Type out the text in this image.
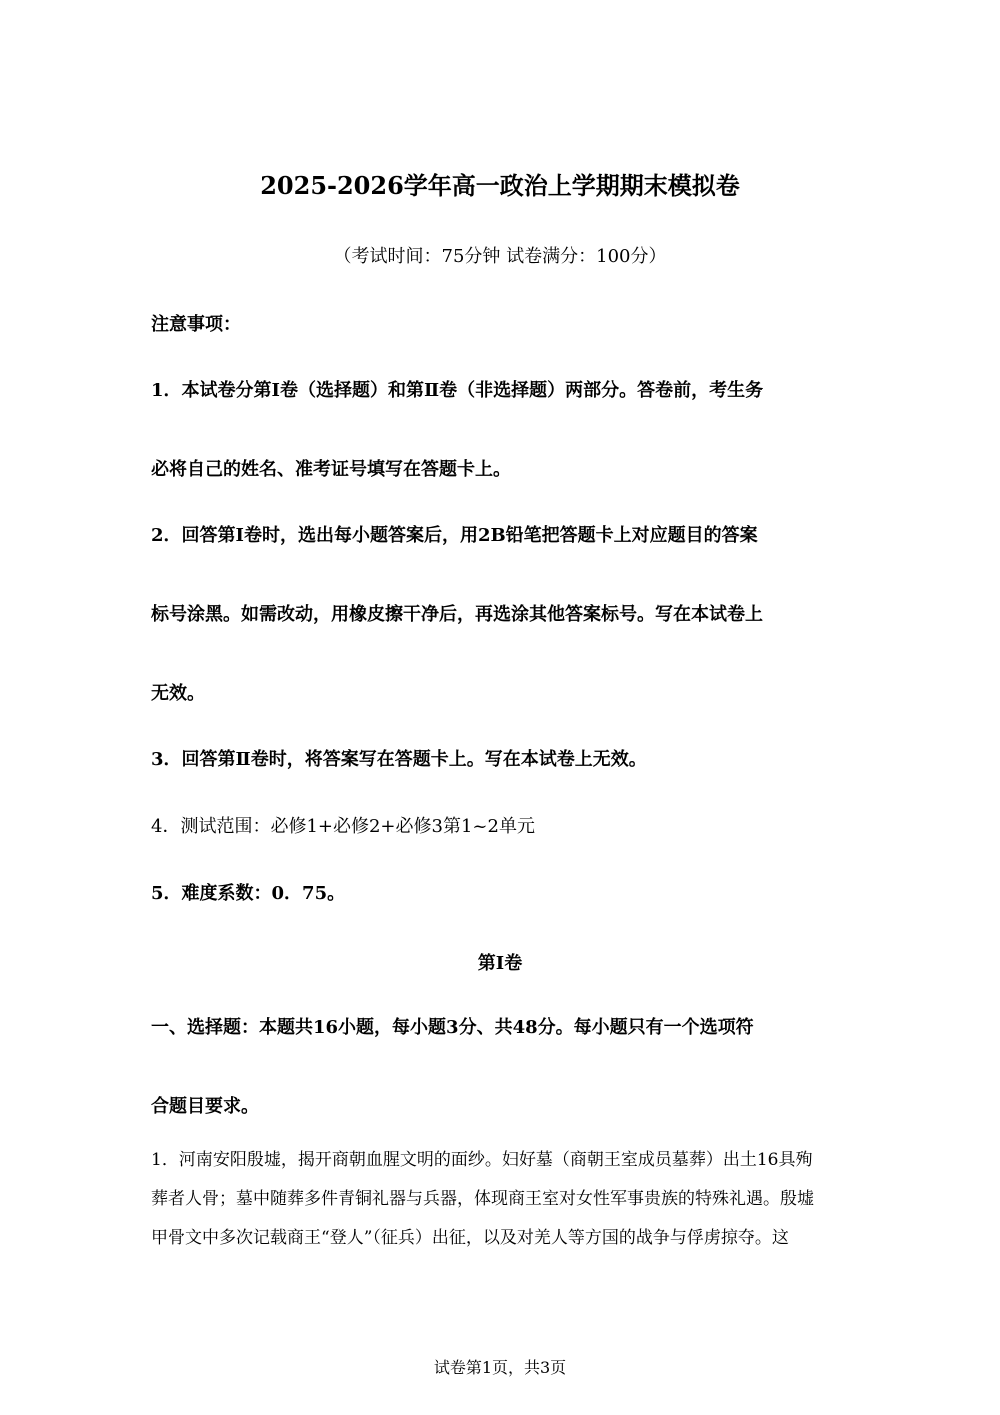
2025-2026学年高一政治上学期期末模拟卷
（考试时间：75分钟 试卷满分：100分）
注意事项：
1．本试卷分第Ⅰ卷（选择题）和第Ⅱ卷（非选择题）两部分。答卷前，考生务
必将自己的姓名、准考证号填写在答题卡上。
2．回答第Ⅰ卷时，选出每小题答案后，用2B铅笔把答题卡上对应题目的答案
标号涂黑。如需改动，用橡皮擦干净后，再选涂其他答案标号。写在本试卷上
无效。
3．回答第Ⅱ卷时，将答案写在答题卡上。写在本试卷上无效。
4．测试范围：必修1+必修2+必修3第1~2单元
5．难度系数：0．75。
第Ⅰ卷
一、选择题：本题共16小题，每小题3分、共48分。每小题只有一个选项符
合题目要求。
1．河南安阳殷墟，揭开商朝血腥文明的面纱。妇好墓（商朝王室成员墓葬）出土16具殉
葬者人骨；墓中随葬多件青铜礼器与兵器，体现商王室对女性军事贵族的特殊礼遇。殷墟
甲骨文中多次记载商王“登人”（征兵）出征，以及对羌人等方国的战争与俘虏掠夺。这
试卷第1页，共3页
